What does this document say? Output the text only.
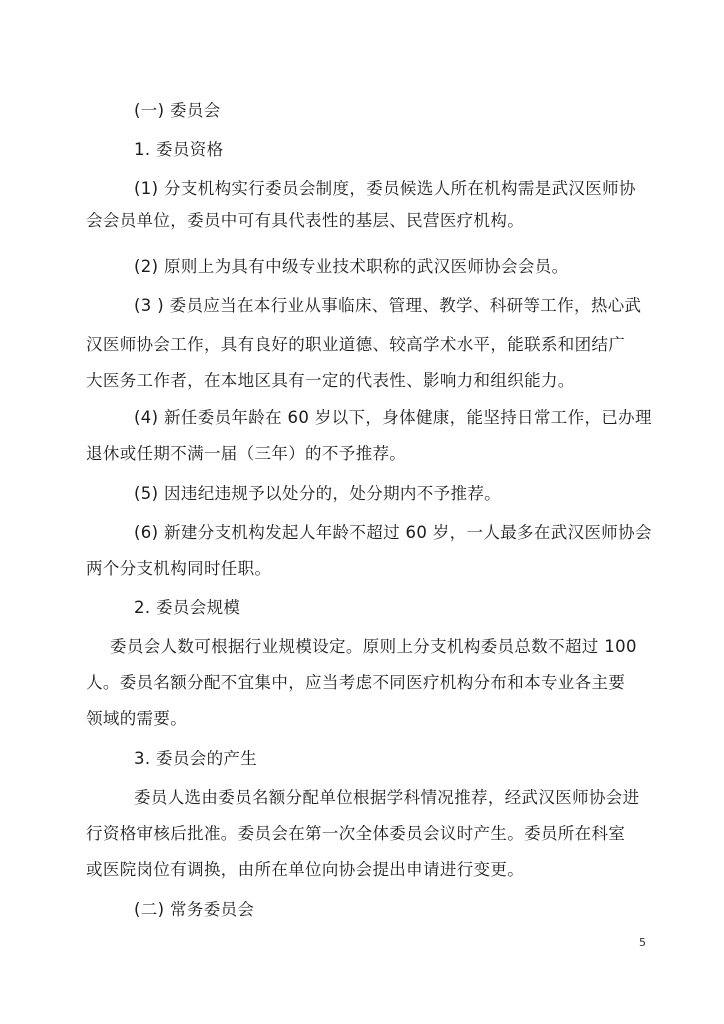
(一) 委员会
1. 委员资格
(1) 分支机构实行委员会制度，委员候选人所在机构需是武汉医师协
会会员单位，委员中可有具代表性的基层、民营医疗机构。
(2) 原则上为具有中级专业技术职称的武汉医师协会会员。
(3 ) 委员应当在本行业从事临床、管理、教学、科研等工作，热心武
汉医师协会工作，具有良好的职业道德、较高学术水平，能联系和团结广
大医务工作者，在本地区具有一定的代表性、影响力和组织能力。
(4) 新任委员年龄在 60 岁以下，身体健康，能坚持日常工作，已办理
退休或任期不满一届（三年）的不予推荐。
(5) 因违纪违规予以处分的，处分期内不予推荐。
(6) 新建分支机构发起人年龄不超过 60 岁，一人最多在武汉医师协会
两个分支机构同时任职。
2. 委员会规模
委员会人数可根据行业规模设定。原则上分支机构委员总数不超过 100
人。委员名额分配不宜集中，应当考虑不同医疗机构分布和本专业各主要
领域的需要。
3. 委员会的产生
委员人选由委员名额分配单位根据学科情况推荐，经武汉医师协会进
行资格审核后批准。委员会在第一次全体委员会议时产生。委员所在科室
或医院岗位有调换，由所在单位向协会提出申请进行变更。
(二) 常务委员会
5
